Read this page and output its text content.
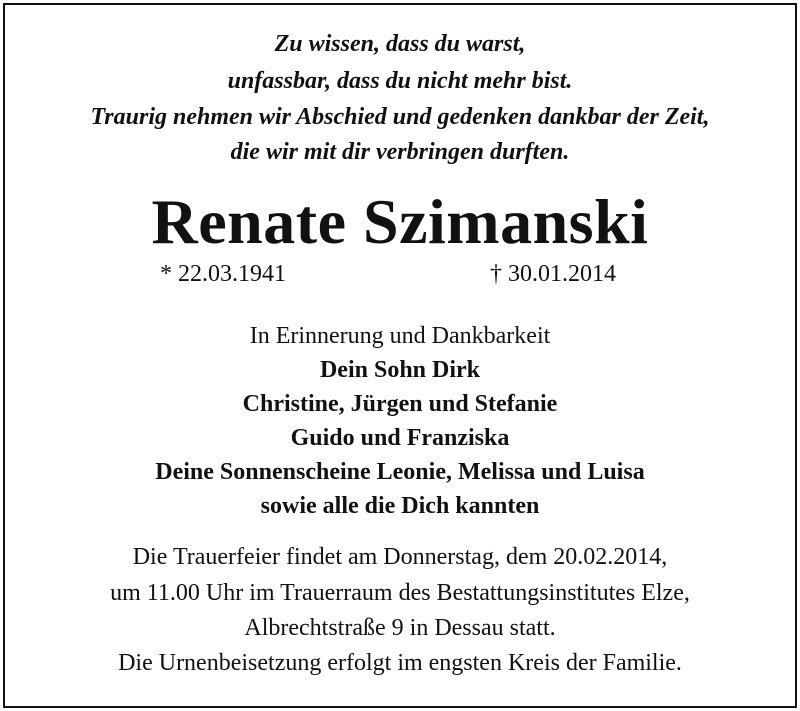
Zu wissen, dass du warst,
unfassbar, dass du nicht mehr bist.
Traurig nehmen wir Abschied und gedenken dankbar der Zeit,
die wir mit dir verbringen durften.
Renate Szimanski
* 22.03.1941	† 30.01.2014
In Erinnerung und Dankbarkeit
Dein Sohn Dirk
Christine, Jürgen und Stefanie
Guido und Franziska
Deine Sonnenscheine Leonie, Melissa und Luisa
sowie alle die Dich kannten
Die Trauerfeier findet am Donnerstag, dem 20.02.2014,
um 11.00 Uhr im Trauerraum des Bestattungsinstitutes Elze,
Albrechtstraße 9 in Dessau statt.
Die Urnenbeisetzung erfolgt im engsten Kreis der Familie.
